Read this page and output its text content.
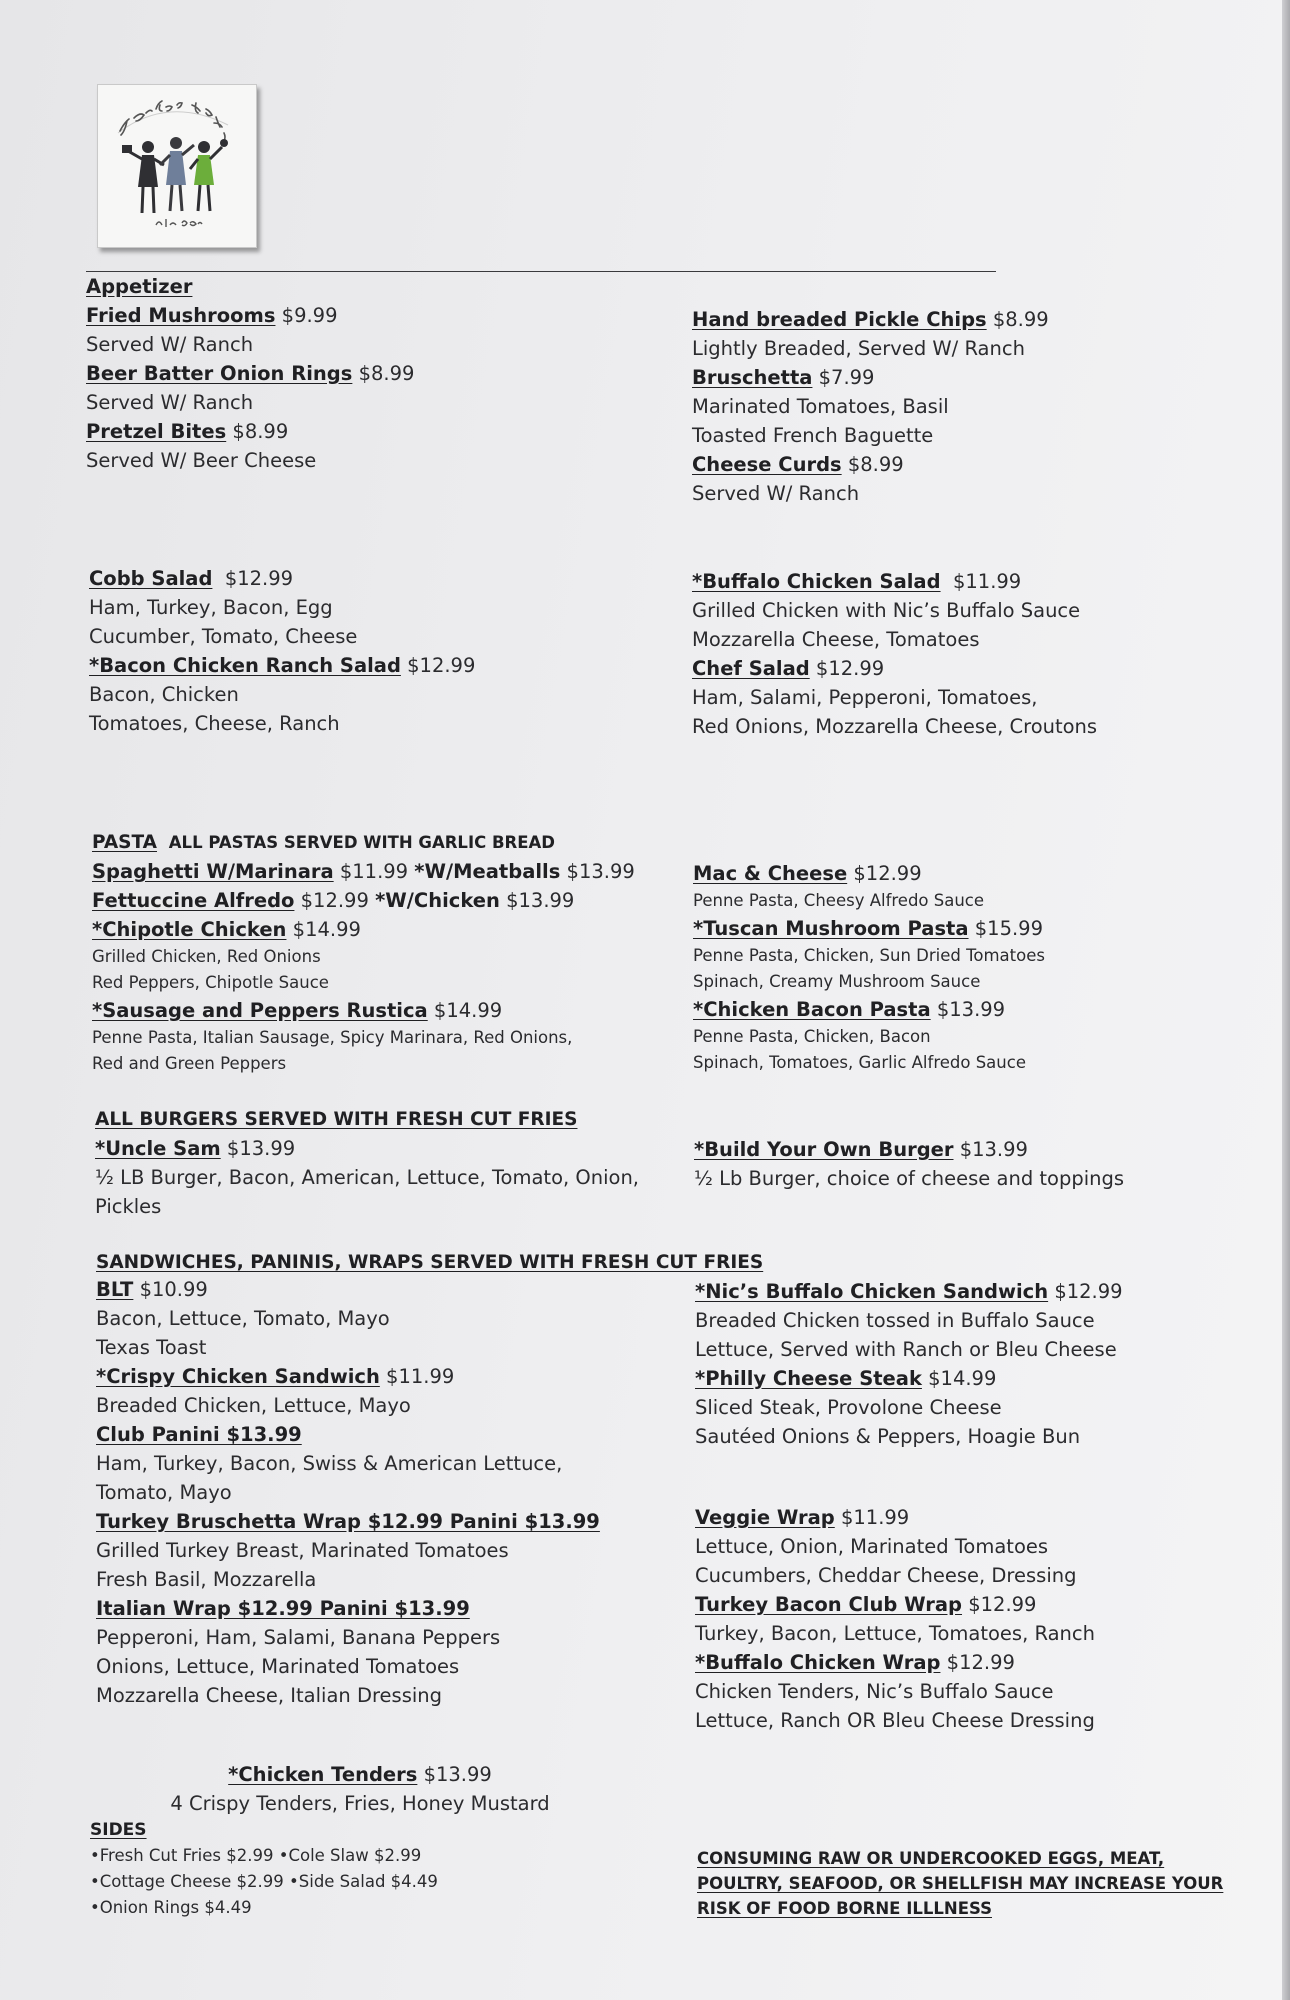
Appetizer
Fried Mushrooms $9.99
Served W/ Ranch
Beer Batter Onion Rings $8.99
Served W/ Ranch
Pretzel Bites $8.99
Served W/ Beer Cheese
Hand breaded Pickle Chips $8.99
Lightly Breaded, Served W/ Ranch
Bruschetta $7.99
Marinated Tomatoes, Basil
Toasted French Baguette
Cheese Curds $8.99
Served W/ Ranch
Cobb Salad $12.99
Ham, Turkey, Bacon, Egg
Cucumber, Tomato, Cheese
*Bacon Chicken Ranch Salad $12.99
Bacon, Chicken
Tomatoes, Cheese, Ranch
*Buffalo Chicken Salad $11.99
Grilled Chicken with Nic’s Buffalo Sauce
Mozzarella Cheese, Tomatoes
Chef Salad $12.99
Ham, Salami, Pepperoni, Tomatoes,
Red Onions, Mozzarella Cheese, Croutons
PASTA ALL PASTAS SERVED WITH GARLIC BREAD
Spaghetti W/Marinara $11.99 *W/Meatballs $13.99
Fettuccine Alfredo $12.99 *W/Chicken $13.99
*Chipotle Chicken $14.99
Grilled Chicken, Red Onions
Red Peppers, Chipotle Sauce
*Sausage and Peppers Rustica $14.99
Penne Pasta, Italian Sausage, Spicy Marinara, Red Onions,
Red and Green Peppers
Mac & Cheese $12.99
Penne Pasta, Cheesy Alfredo Sauce
*Tuscan Mushroom Pasta $15.99
Penne Pasta, Chicken, Sun Dried Tomatoes
Spinach, Creamy Mushroom Sauce
*Chicken Bacon Pasta $13.99
Penne Pasta, Chicken, Bacon
Spinach, Tomatoes, Garlic Alfredo Sauce
ALL BURGERS SERVED WITH FRESH CUT FRIES
*Uncle Sam $13.99
½ LB Burger, Bacon, American, Lettuce, Tomato, Onion,
Pickles
*Build Your Own Burger $13.99
½ Lb Burger, choice of cheese and toppings
SANDWICHES, PANINIS, WRAPS SERVED WITH FRESH CUT FRIES
BLT $10.99
Bacon, Lettuce, Tomato, Mayo
Texas Toast
*Crispy Chicken Sandwich $11.99
Breaded Chicken, Lettuce, Mayo
Club Panini $13.99
Ham, Turkey, Bacon, Swiss & American Lettuce,
Tomato, Mayo
Turkey Bruschetta Wrap $12.99 Panini $13.99
Grilled Turkey Breast, Marinated Tomatoes
Fresh Basil, Mozzarella
Italian Wrap $12.99 Panini $13.99
Pepperoni, Ham, Salami, Banana Peppers
Onions, Lettuce, Marinated Tomatoes
Mozzarella Cheese, Italian Dressing
*Nic’s Buffalo Chicken Sandwich $12.99
Breaded Chicken tossed in Buffalo Sauce
Lettuce, Served with Ranch or Bleu Cheese
*Philly Cheese Steak $14.99
Sliced Steak, Provolone Cheese
Sautéed Onions & Peppers, Hoagie Bun
Veggie Wrap $11.99
Lettuce, Onion, Marinated Tomatoes
Cucumbers, Cheddar Cheese, Dressing
Turkey Bacon Club Wrap $12.99
Turkey, Bacon, Lettuce, Tomatoes, Ranch
*Buffalo Chicken Wrap $12.99
Chicken Tenders, Nic’s Buffalo Sauce
Lettuce, Ranch OR Bleu Cheese Dressing
*Chicken Tenders $13.99
4 Crispy Tenders, Fries, Honey Mustard
SIDES
•Fresh Cut Fries $2.99 •Cole Slaw $2.99
•Cottage Cheese $2.99 •Side Salad $4.49
•Onion Rings $4.49
CONSUMING RAW OR UNDERCOOKED EGGS, MEAT,
POULTRY, SEAFOOD, OR SHELLFISH MAY INCREASE YOUR
RISK OF FOOD BORNE ILLLNESS
